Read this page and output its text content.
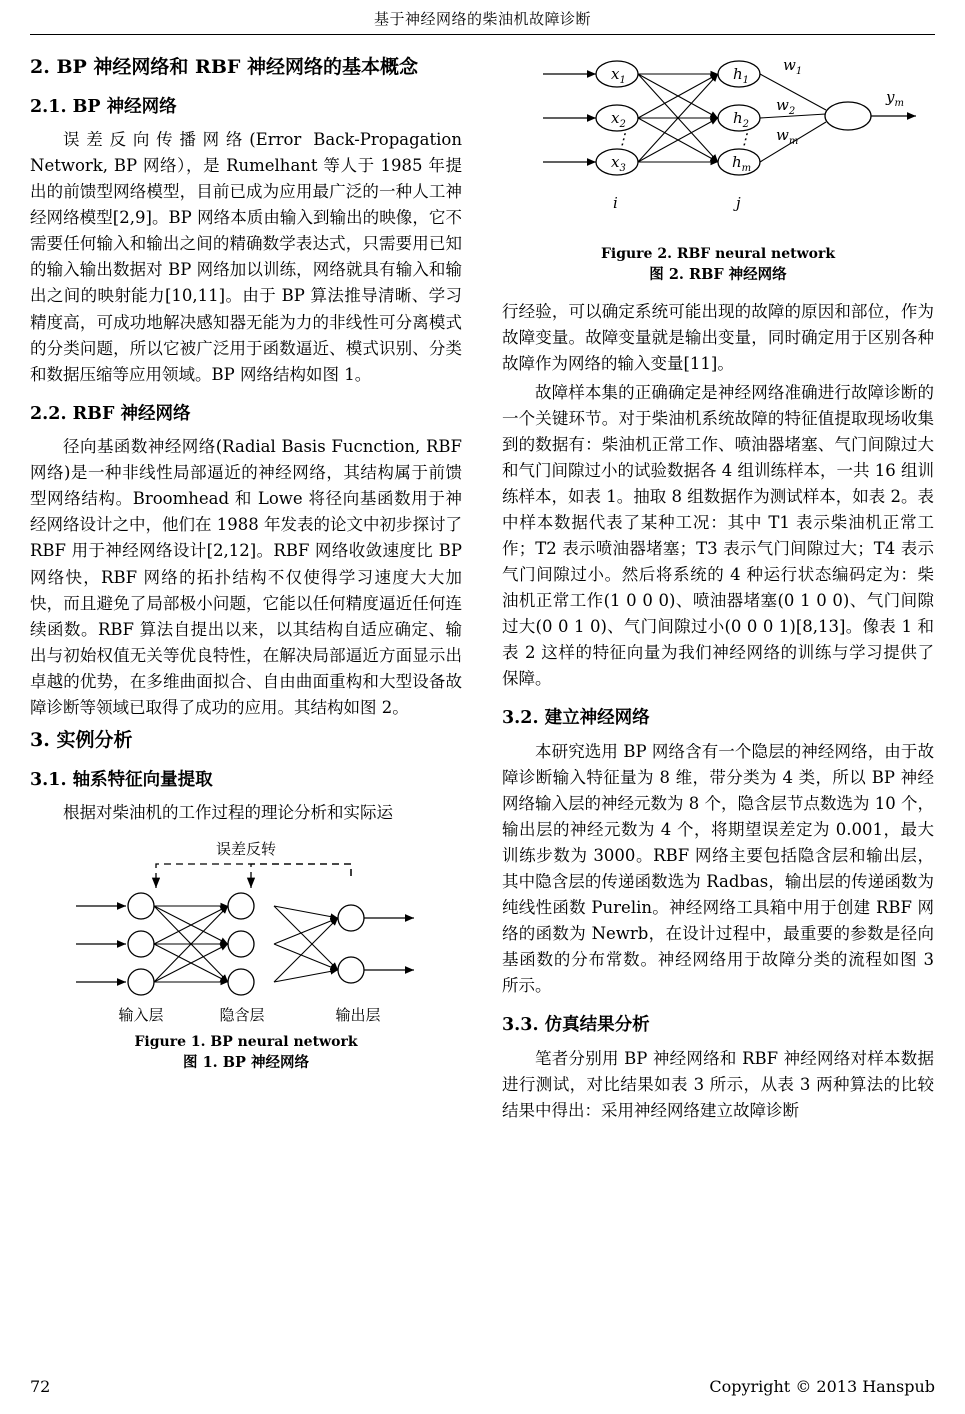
基于神经网络的柴油机故障诊断
2. BP 神经网络和 RBF 神经网络的基本概念
2.1. BP 神经网络

误差反向传播网络(Error Back-Propagation Network, BP 网络），是 Rumelhant 等人于 1985 年提出的前馈型网络模型，目前已成为应用最广泛的一种人工神经网络模型[2,9]。BP 网络本质由输入到输出的映像，它不需要任何输入和输出之间的精确数学表达式，只需要用已知的输入输出数据对 BP 网络加以训练，网络就具有输入和输出之间的映射能力[10,11]。由于 BP 算法推导清晰、学习精度高，可成功地解决感知器无能为力的非线性可分离模式的分类问题，所以它被广泛用于函数逼近、模式识别、分类和数据压缩等应用领域。BP 网络结构如图 1。

2.2. RBF 神经网络

径向基函数神经网络(Radial Basis Fucnction, RBF 网络)是一种非线性局部逼近的神经网络，其结构属于前馈型网络结构。Broomhead 和 Lowe 将径向基函数用于神经网络设计之中，他们在 1988 年发表的论文中初步探讨了 RBF 用于神经网络设计[2,12]。RBF 网络收敛速度比 BP 网络快，RBF 网络的拓扑结构不仅使得学习速度大大加快，而且避免了局部极小问题，它能以任何精度逼近任何连续函数。RBF 算法自提出以来，以其结构自适应确定、输出与初始权值无关等优良特性，在解决局部逼近方面显示出卓越的优势，在多维曲面拟合、自由曲面重构和大型设备故障诊断等领域已取得了成功的应用。其结构如图 2。

3. 实例分析
3.1. 轴系特征向量提取

根据对柴油机的工作过程的理论分析和实际运

误差反转
输入层	隐含层	输出层
Figure 1. BP neural network
图 1. BP 神经网络
$x_1$
$x_2$
$x_3$
$h_1$
$h_2$
$h_m$
⋮	⋮
$w_1$
$w_2$
$w_m$
$y_m$
i	j
Figure 2. RBF neural network
图 2. RBF 神经网络

行经验，可以确定系统可能出现的故障的原因和部位，作为故障变量。故障变量就是输出变量，同时确定用于区别各种故障作为网络的输入变量[11]。

故障样本集的正确确定是神经网络准确进行故障诊断的一个关键环节。对于柴油机系统故障的特征值提取现场收集到的数据有：柴油机正常工作、喷油器堵塞、气门间隙过大和气门间隙过小的试验数据各 4 组训练样本，一共 16 组训练样本，如表 1。抽取 8 组数据作为测试样本，如表 2。表中样本数据代表了某种工况：其中 T1 表示柴油机正常工作；T2 表示喷油器堵塞；T3 表示气门间隙过大；T4 表示气门间隙过小。然后将系统的 4 种运行状态编码定为：柴油机正常工作(1 0 0 0)、喷油器堵塞(0 1 0 0)、气门间隙过大(0 0 1 0)、气门间隙过小(0 0 0 1)[8,13]。像表 1 和表 2 这样的特征向量为我们神经网络的训练与学习提供了保障。

3.2. 建立神经网络

本研究选用 BP 网络含有一个隐层的神经网络，由于故障诊断输入特征量为 8 维，带分类为 4 类，所以 BP 神经网络输入层的神经元数为 8 个，隐含层节点数选为 10 个，输出层的神经元数为 4 个，将期望误差定为 0.001，最大训练步数为 3000。RBF 网络主要包括隐含层和输出层，其中隐含层的传递函数选为 Radbas，输出层的传递函数为纯线性函数 Purelin。神经网络工具箱中用于创建 RBF 网络的函数为 Newrb，在设计过程中，最重要的参数是径向基函数的分布常数。神经网络用于故障分类的流程如图 3 所示。

3.3. 仿真结果分析

笔者分别用 BP 神经网络和 RBF 神经网络对样本数据进行测试，对比结果如表 3 所示，从表 3 两种算法的比较结果中得出：采用神经网络建立故障诊断

72	Copyright © 2013 Hanspub
